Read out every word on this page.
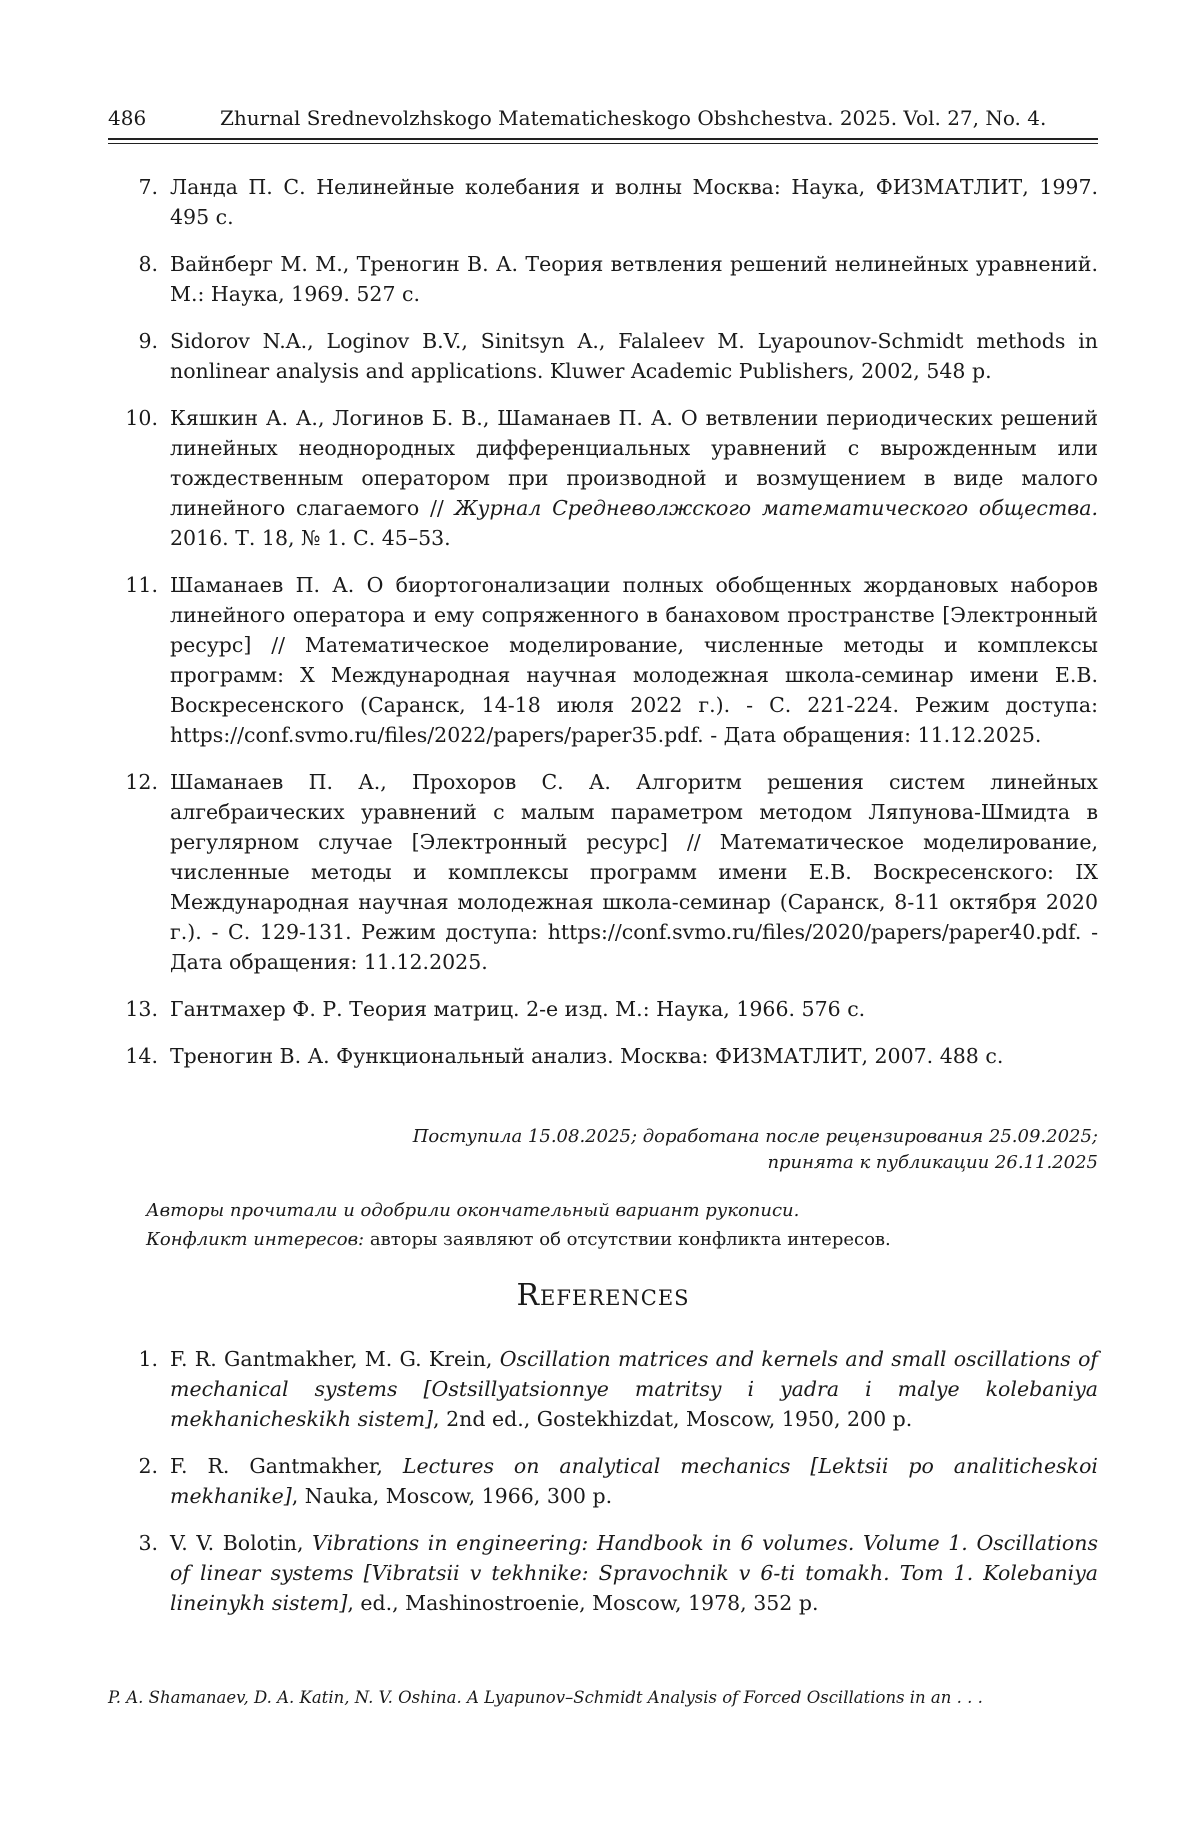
486	Zhurnal Srednevolzhskogo Matematicheskogo Obshchestva. 2025. Vol. 27, No. 4.
7. Ланда П. С. Нелинейные колебания и волны Москва: Наука, ФИЗМАТЛИТ, 1997. 495 с.
8. Вайнберг М. М., Треногин В. А. Теория ветвления решений нелинейных уравнений. М.: Наука, 1969. 527 с.
9. Sidorov N.A., Loginov B.V., Sinitsyn A., Falaleev M. Lyapounov-Schmidt methods in nonlinear analysis and applications. Kluwer Academic Publishers, 2002, 548 p.
10. Кяшкин А. А., Логинов Б. В., Шаманаев П. А. О ветвлении периодических решений линейных неоднородных дифференциальных уравнений с вырожденным или тождественным оператором при производной и возмущением в виде малого линейного слагаемого // Журнал Средневолжского математического общества. 2016. Т. 18, № 1. С. 45–53.
11. Шаманаев П. А. О биортогонализации полных обобщенных жордановых наборов линейного оператора и ему сопряженного в банаховом пространстве [Электронный ресурс] // Математическое моделирование, численные методы и комплексы программ: X Международная научная молодежная школа-семинар имени Е.В. Воскресенского (Саранск, 14-18 июля 2022 г.). - С. 221-224. Режим доступа: https://conf.svmo.ru/files/2022/papers/paper35.pdf. - Дата обращения: 11.12.2025.
12. Шаманаев П. А., Прохоров С. А. Алгоритм решения систем линейных алгебраических уравнений с малым параметром методом Ляпунова-Шмидта в регулярном случае [Электронный ресурс] // Математическое моделирование, численные методы и комплексы программ имени Е.В. Воскресенского: IX Международная научная молодежная школа-семинар (Саранск, 8-11 октября 2020 г.). - С. 129-131. Режим доступа: https://conf.svmo.ru/files/2020/papers/paper40.pdf. - Дата обращения: 11.12.2025.
13. Гантмахер Ф. Р. Теория матриц. 2-е изд. М.: Наука, 1966. 576 с.
14. Треногин В. А. Функциональный анализ. Москва: ФИЗМАТЛИТ, 2007. 488 с.
Поступила 15.08.2025; доработана после рецензирования 25.09.2025;
принята к публикации 26.11.2025
Авторы прочитали и одобрили окончательный вариант рукописи.
Конфликт интересов: авторы заявляют об отсутствии конфликта интересов.
References
1. F. R. Gantmakher, M. G. Krein, Oscillation matrices and kernels and small oscillations of mechanical systems [Ostsillyatsionnye matritsy i yadra i malye kolebaniya mekhanicheskikh sistem], 2nd ed., Gostekhizdat, Moscow, 1950, 200 p.
2. F. R. Gantmakher, Lectures on analytical mechanics [Lektsii po analiticheskoi mekhanike], Nauka, Moscow, 1966, 300 p.
3. V. V. Bolotin, Vibrations in engineering: Handbook in 6 volumes. Volume 1. Oscillations of linear systems [Vibratsii v tekhnike: Spravochnik v 6-ti tomakh. Tom 1. Kolebaniya lineinykh sistem], ed., Mashinostroenie, Moscow, 1978, 352 p.
P. A. Shamanaev, D. A. Katin, N. V. Oshina. A Lyapunov–Schmidt Analysis of Forced Oscillations in an . . .
